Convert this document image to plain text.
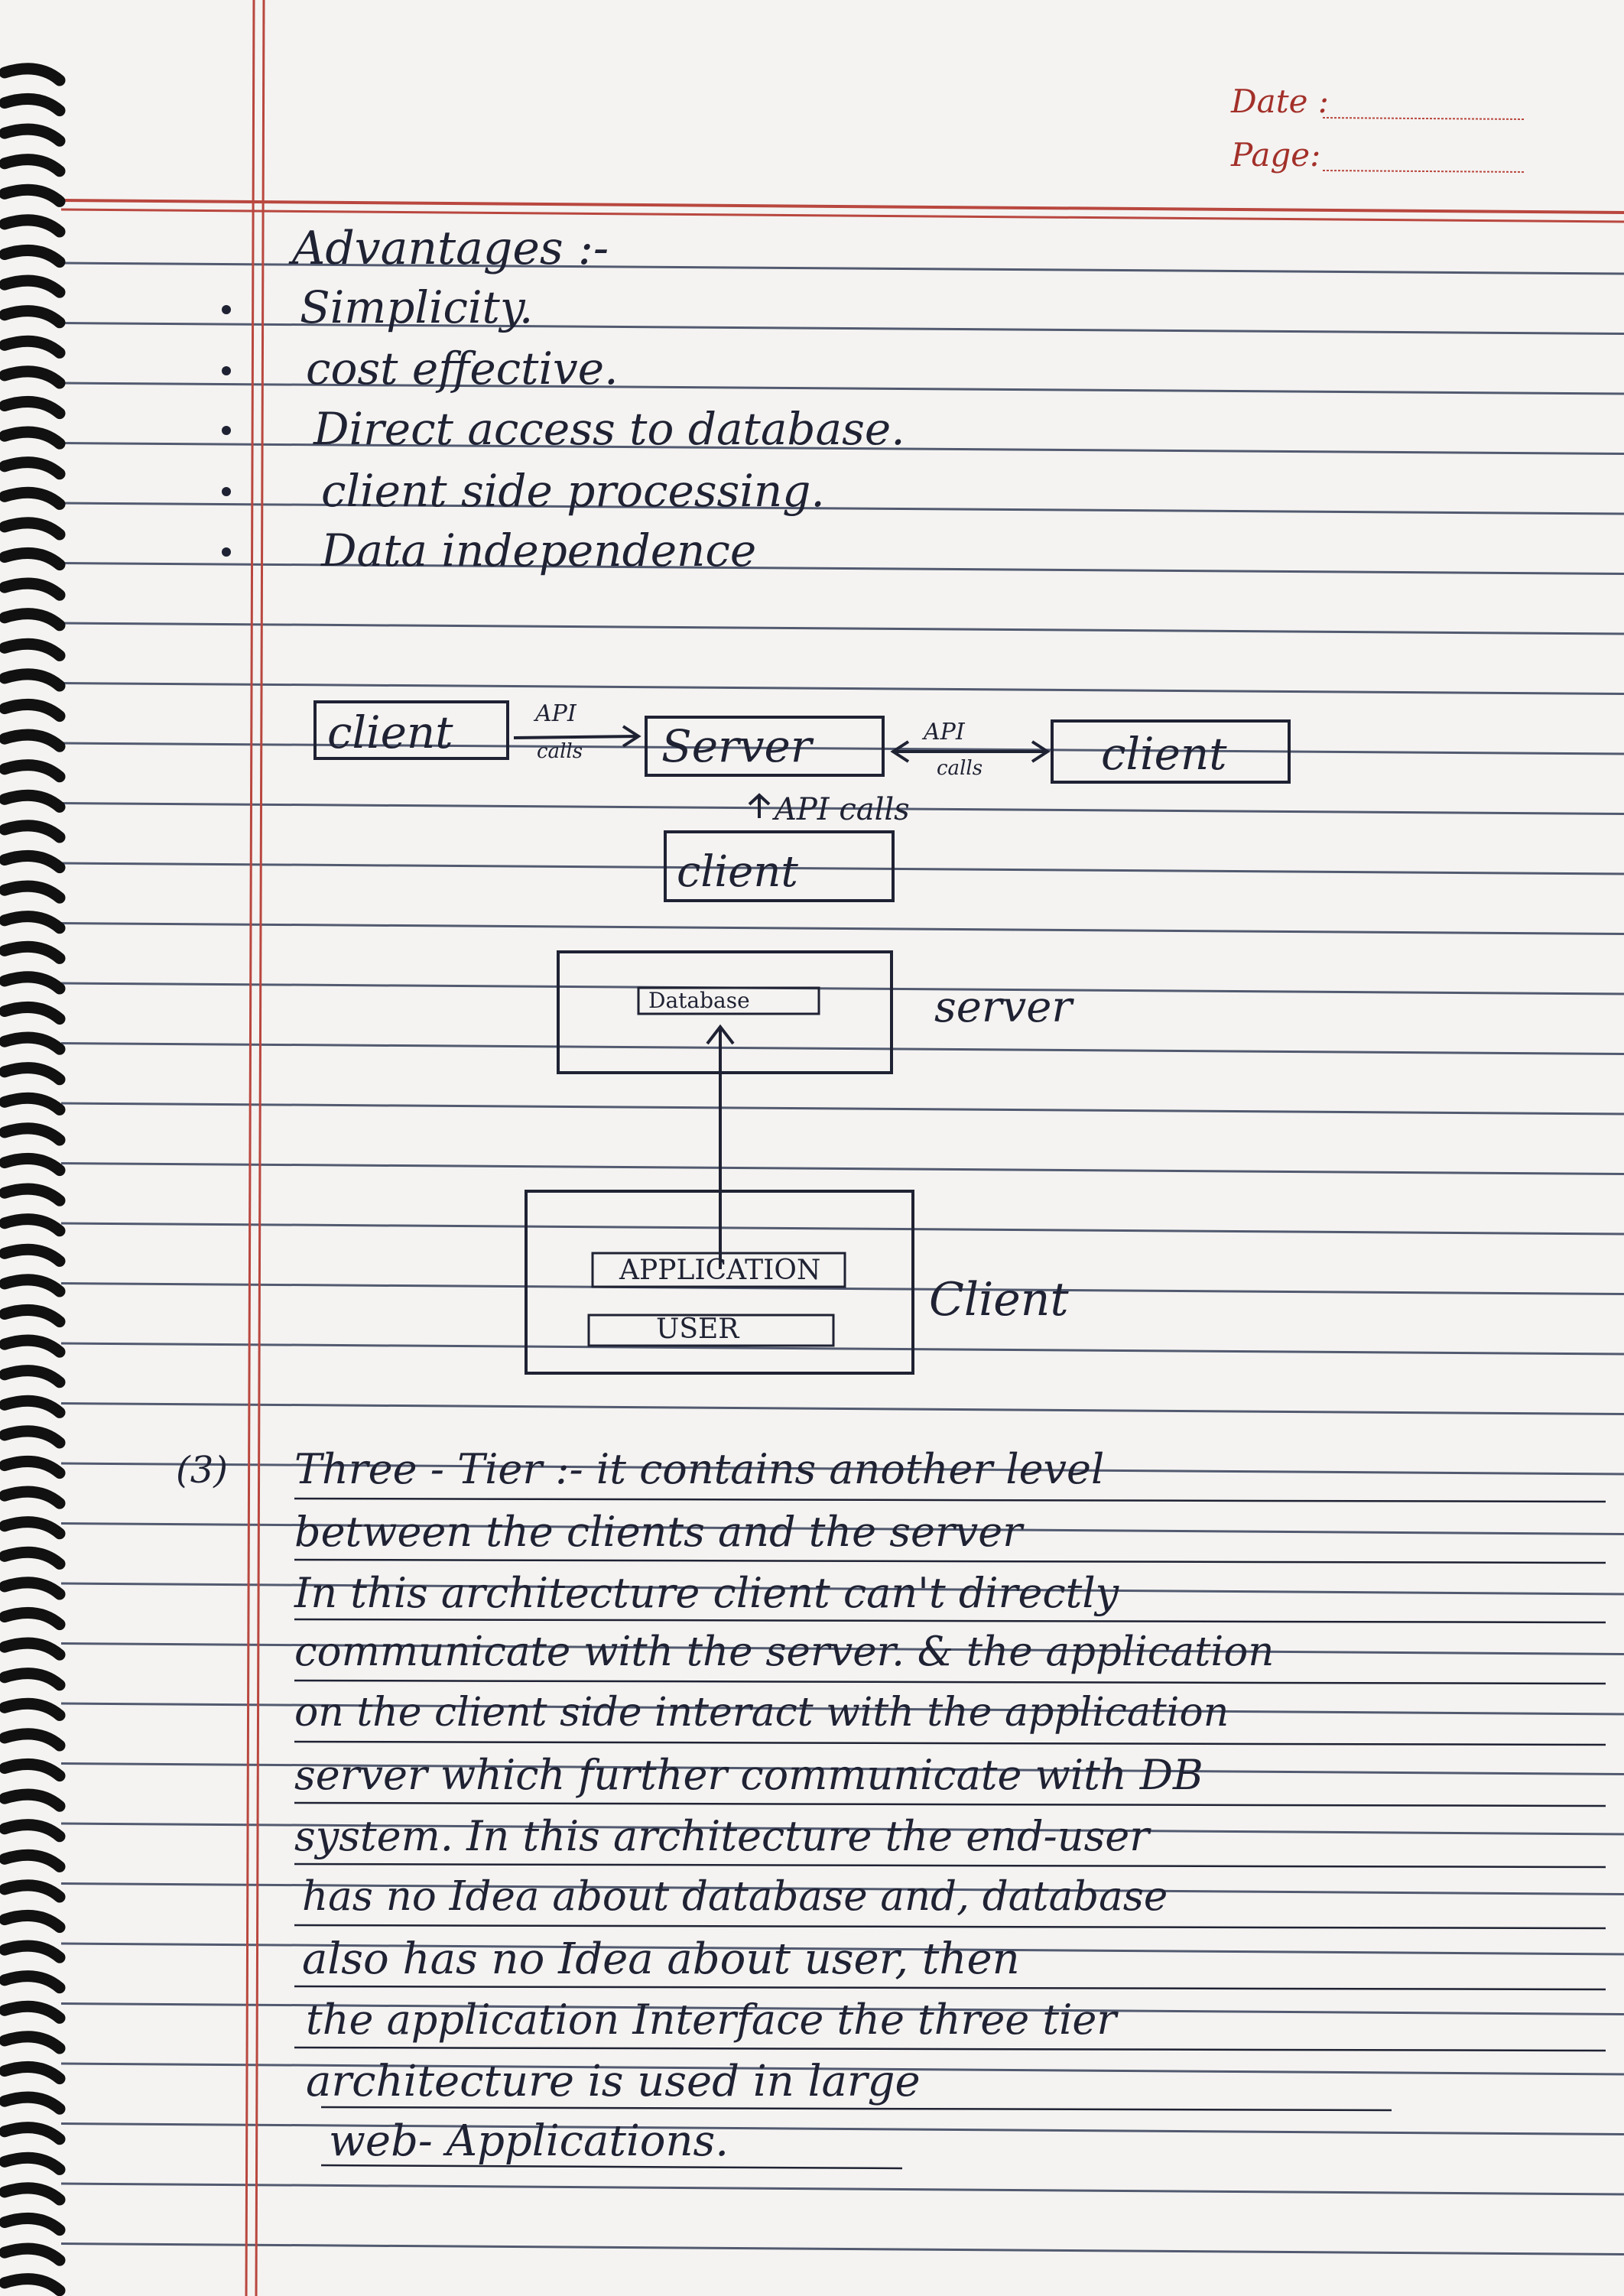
Date :
Page:
Advantages :-
Simplicity.
cost effective.
Direct access to database.
client side processing.
Data independence
client	API
calls Server	API
calls	client
API calls
client
Database	server
APPLICATION
USER
Client
(3) Three - Tier :- it contains another level
between the clients and the server
In this architecture client can't directly
communicate with the server. & the application
on the client side interact with the application
server which further communicate with DB
system. In this architecture the end-user
has no Idea about database and, database
also has no Idea about user, then
the application Interface the three tier
architecture is used in large
web- Applications.
